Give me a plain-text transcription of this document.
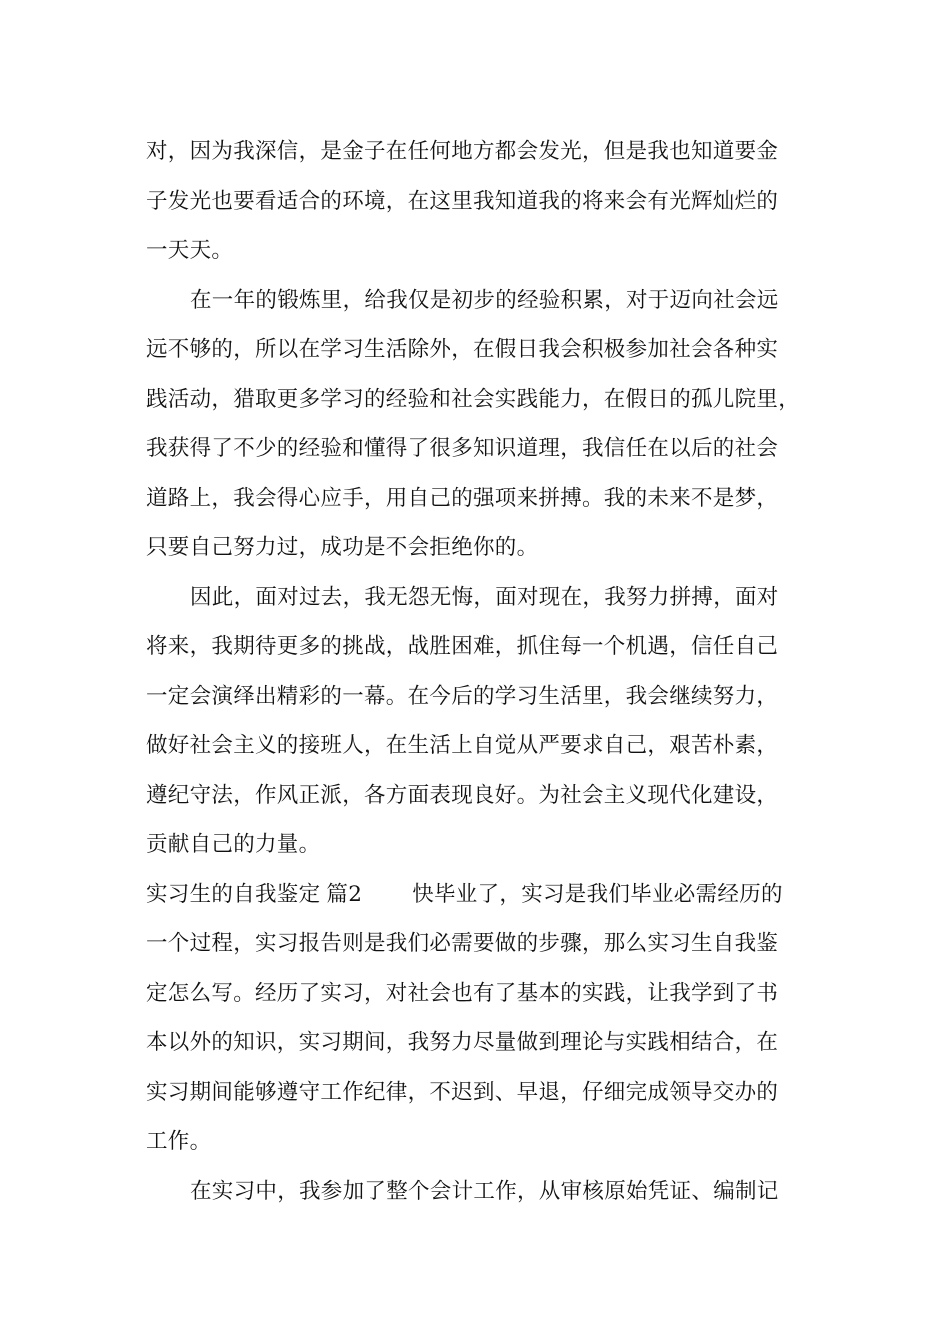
对，因为我深信，是金子在任何地方都会发光，但是我也知道要金
子发光也要看适合的环境，在这里我知道我的将来会有光辉灿烂的
一天天。
在一年的锻炼里，给我仅是初步的经验积累，对于迈向社会远
远不够的，所以在学习生活除外，在假日我会积极参加社会各种实
践活动，猎取更多学习的经验和社会实践能力，在假日的孤儿院里，
我获得了不少的经验和懂得了很多知识道理，我信任在以后的社会
道路上，我会得心应手，用自己的强项来拼搏。我的未来不是梦，
只要自己努力过，成功是不会拒绝你的。
因此，面对过去，我无怨无悔，面对现在，我努力拼搏，面对
将来，我期待更多的挑战，战胜困难，抓住每一个机遇，信任自己
一定会演绎出精彩的一幕。在今后的学习生活里，我会继续努力，
做好社会主义的接班人，在生活上自觉从严要求自己，艰苦朴素，
遵纪守法，作风正派，各方面表现良好。为社会主义现代化建设，
贡献自己的力量。
实习生的自我鉴定 篇2 快毕业了，实习是我们毕业必需经历的
一个过程，实习报告则是我们必需要做的步骤，那么实习生自我鉴
定怎么写。经历了实习，对社会也有了基本的实践，让我学到了书
本以外的知识，实习期间，我努力尽量做到理论与实践相结合，在
实习期间能够遵守工作纪律，不迟到、早退，仔细完成领导交办的
工作。
在实习中，我参加了整个会计工作，从审核原始凭证、编制记
